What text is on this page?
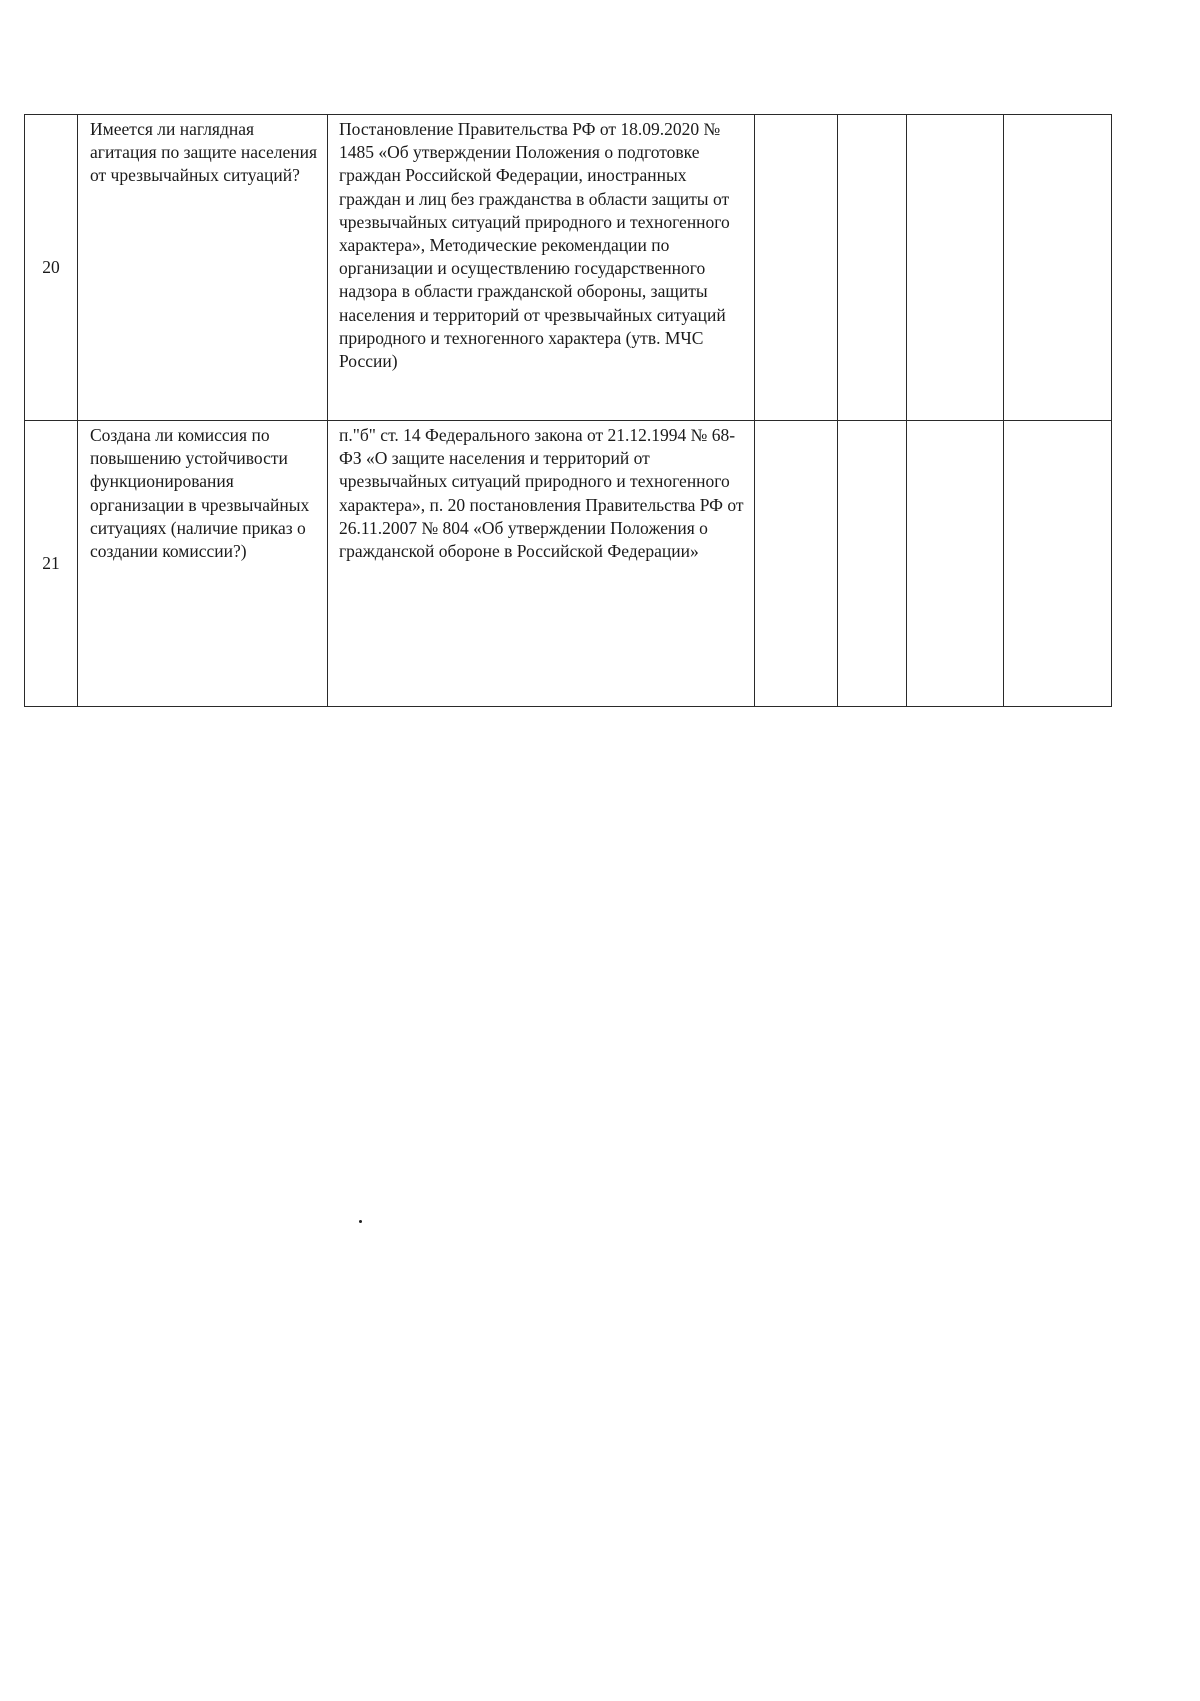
20	Имеется ли наглядная агитация по защите населения от чрезвычайных ситуаций?	Постановление Правительства РФ от 18.09.2020 № 1485 «Об утверждении Положения о подготовке граждан Российской Федерации, иностранных граждан и лиц без гражданства в области защиты от чрезвычайных ситуаций природного и техногенного характера», Методические рекомендации по организации и осуществлению государственного надзора в области гражданской обороны, защиты населения и территорий от чрезвычайных ситуаций природного и техногенного характера (утв. МЧС России)				
21	Создана ли комиссия по повышению устойчивости функционирования организации в чрезвычайных ситуациях (наличие приказ о создании комиссии?)	п."б" ст. 14 Федерального закона от 21.12.1994 № 68-ФЗ «О защите населения и территорий от чрезвычайных ситуаций природного и техногенного характера», п. 20 постановления Правительства РФ от 26.11.2007 № 804 «Об утверждении Положения о гражданской обороне в Российской Федерации»				
